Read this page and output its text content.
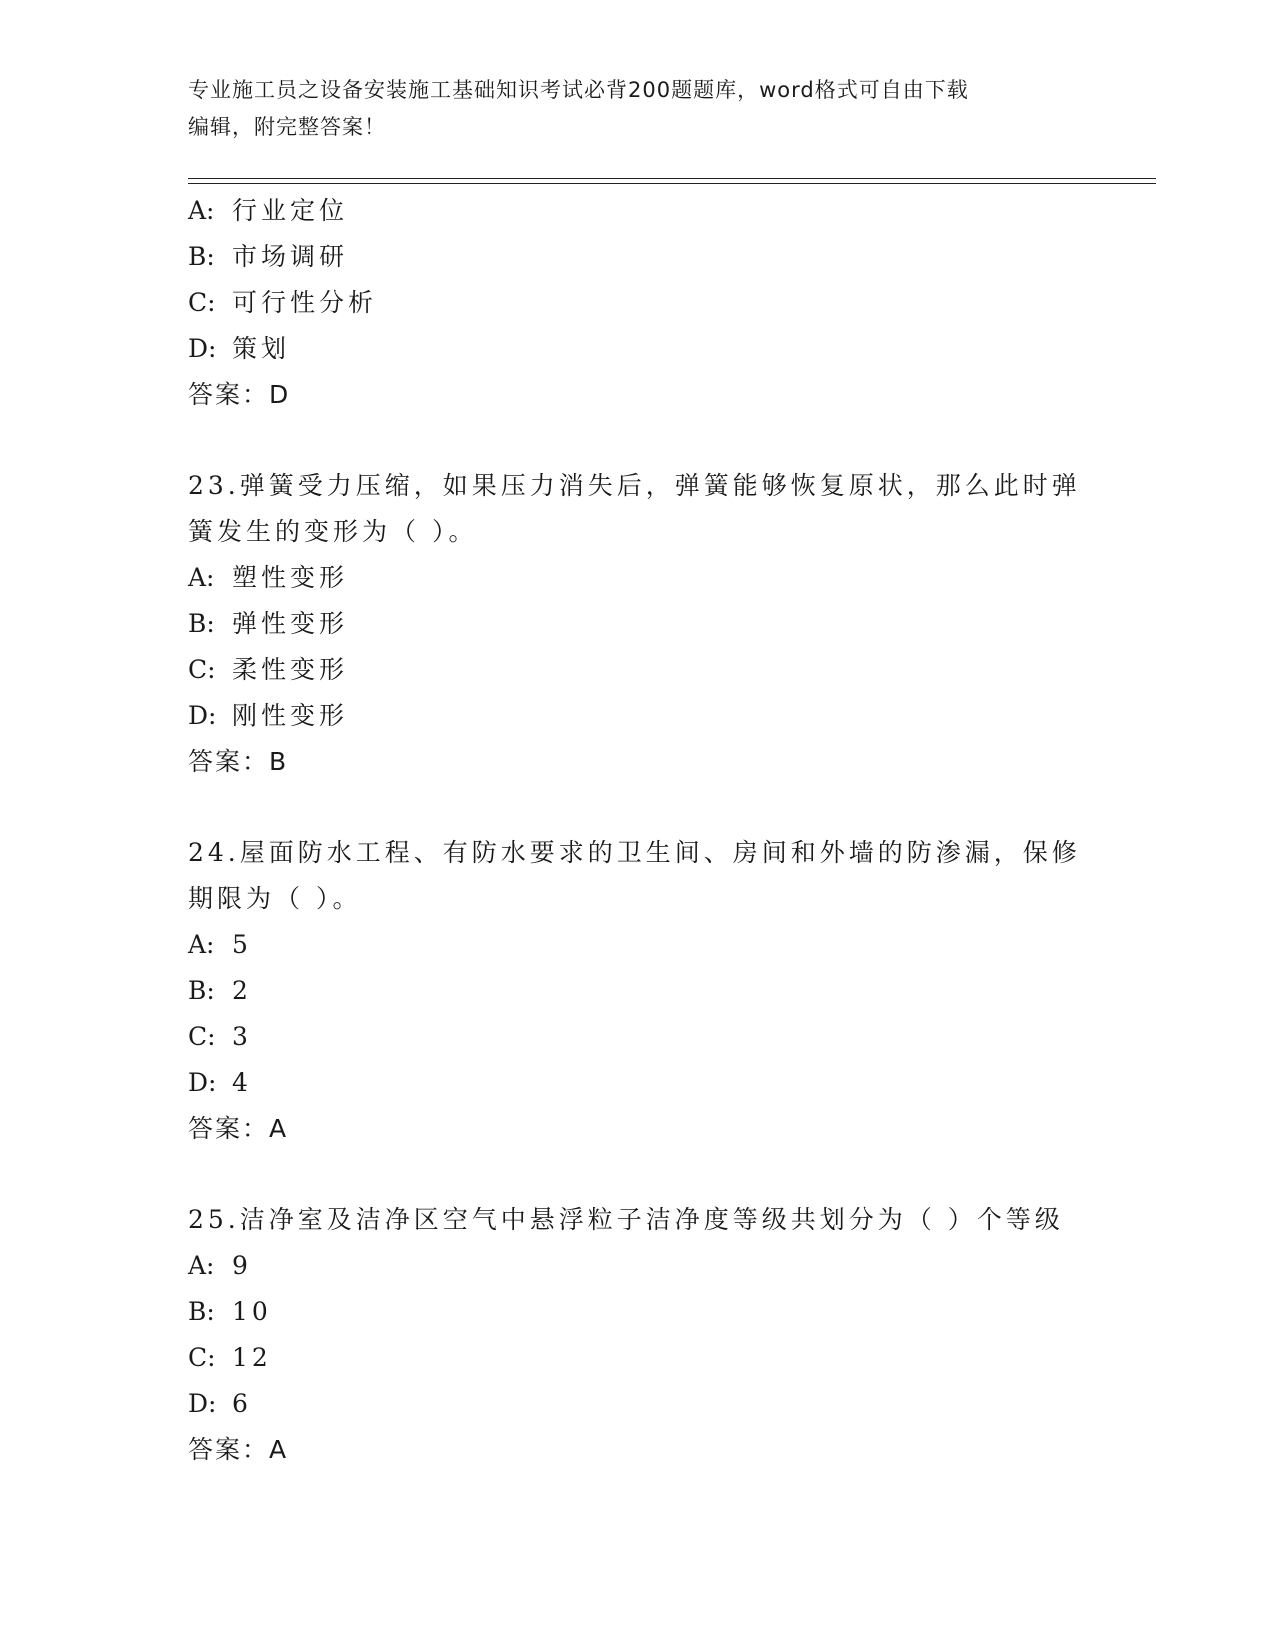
专业施工员之设备安装施工基础知识考试必背200题题库，word格式可自由下载
编辑，附完整答案！
A: 行业定位
B: 市场调研
C: 可行性分析
D: 策划
答案：D
23.弹簧受力压缩，如果压力消失后，弹簧能够恢复原状，那么此时弹
簧发生的变形为（ ）。
A: 塑性变形
B: 弹性变形
C: 柔性变形
D: 刚性变形
答案：B
24.屋面防水工程、有防水要求的卫生间、房间和外墙的防渗漏，保修
期限为（ ）。
A: 5
B: 2
C: 3
D: 4
答案：A
25.洁净室及洁净区空气中悬浮粒子洁净度等级共划分为（ ）个等级
A: 9
B: 10
C: 12
D: 6
答案：A
